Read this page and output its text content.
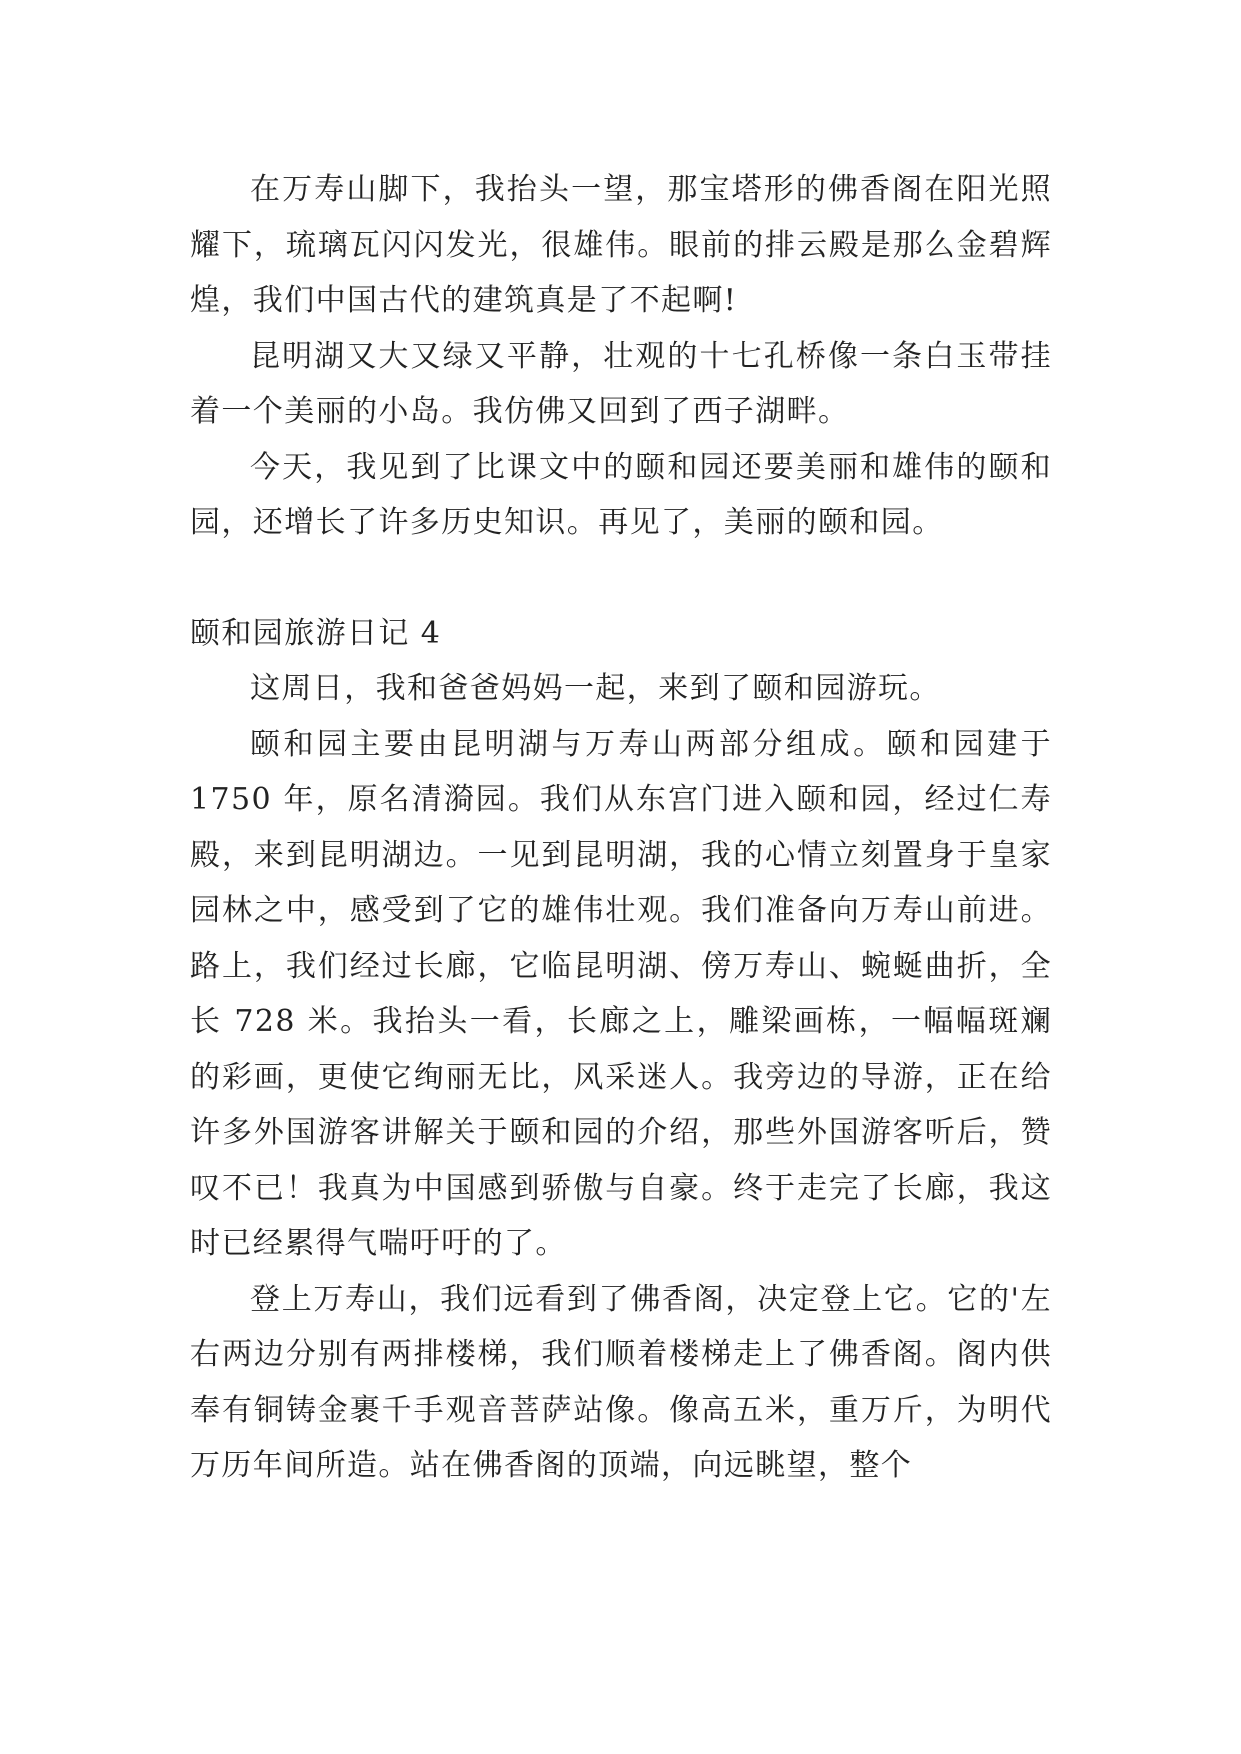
在万寿山脚下，我抬头一望，那宝塔形的佛香阁在阳光照耀下，琉璃瓦闪闪发光，很雄伟。眼前的排云殿是那么金碧辉煌，我们中国古代的建筑真是了不起啊!

昆明湖又大又绿又平静，壮观的十七孔桥像一条白玉带挂着一个美丽的小岛。我仿佛又回到了西子湖畔。

今天，我见到了比课文中的颐和园还要美丽和雄伟的颐和园，还增长了许多历史知识。再见了，美丽的颐和园。

颐和园旅游日记 4

这周日，我和爸爸妈妈一起，来到了颐和园游玩。

颐和园主要由昆明湖与万寿山两部分组成。颐和园建于 1750 年，原名清漪园。我们从东宫门进入颐和园，经过仁寿殿，来到昆明湖边。一见到昆明湖，我的心情立刻置身于皇家园林之中，感受到了它的雄伟壮观。我们准备向万寿山前进。路上，我们经过长廊，它临昆明湖、傍万寿山、蜿蜒曲折，全长 728 米。我抬头一看，长廊之上，雕梁画栋，一幅幅斑斓的彩画，更使它绚丽无比，风采迷人。我旁边的导游，正在给许多外国游客讲解关于颐和园的介绍，那些外国游客听后，赞叹不已！我真为中国感到骄傲与自豪。终于走完了长廊，我这时已经累得气喘吁吁的了。

登上万寿山，我们远看到了佛香阁，决定登上它。它的'左右两边分别有两排楼梯，我们顺着楼梯走上了佛香阁。阁内供奉有铜铸金裹千手观音菩萨站像。像高五米，重万斤，为明代万历年间所造。站在佛香阁的顶端，向远眺望，整个
